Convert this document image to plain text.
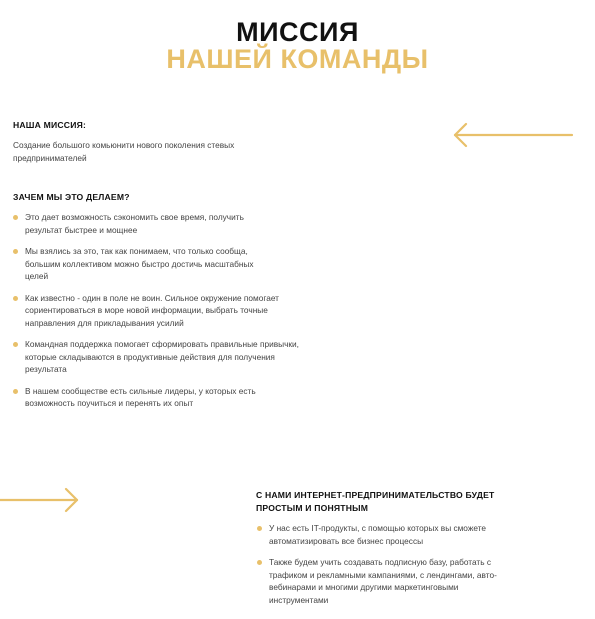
МИССИЯ
НАШЕЙ КОМАНДЫ
НАША МИССИЯ:
Создание большого комьюнити нового поколения стевых предпринимателей
ЗАЧЕМ МЫ ЭТО ДЕЛАЕМ?
Это дает возможность сэкономить свое время, получить результат быстрее и мощнее
Мы взялись за это, так как понимаем, что только сообща, большим коллективом можно быстро достичь масштабных целей
Как известно - один в поле не воин. Сильное окружение помогает сориентироваться в море новой информации, выбрать точные направления для прикладывания усилий
Командная поддержка помогает сформировать правильные привычки, которые складываются в продуктивные действия для получения результата
В нашем сообществе есть сильные лидеры, у которых есть возможность поучиться и перенять их опыт
С НАМИ ИНТЕРНЕТ-ПРЕДПРИНИМАТЕЛЬСТВО БУДЕТ ПРОСТЫМ И ПОНЯТНЫМ
У нас есть IT-продукты, с помощью которых вы сможете автоматизировать все бизнес процессы
Также будем учить создавать подписную базу, работать с трафиком и рекламными кампаниями, с лендингами, авто-вебинарами и многими другими маркетинговыми инструментами
